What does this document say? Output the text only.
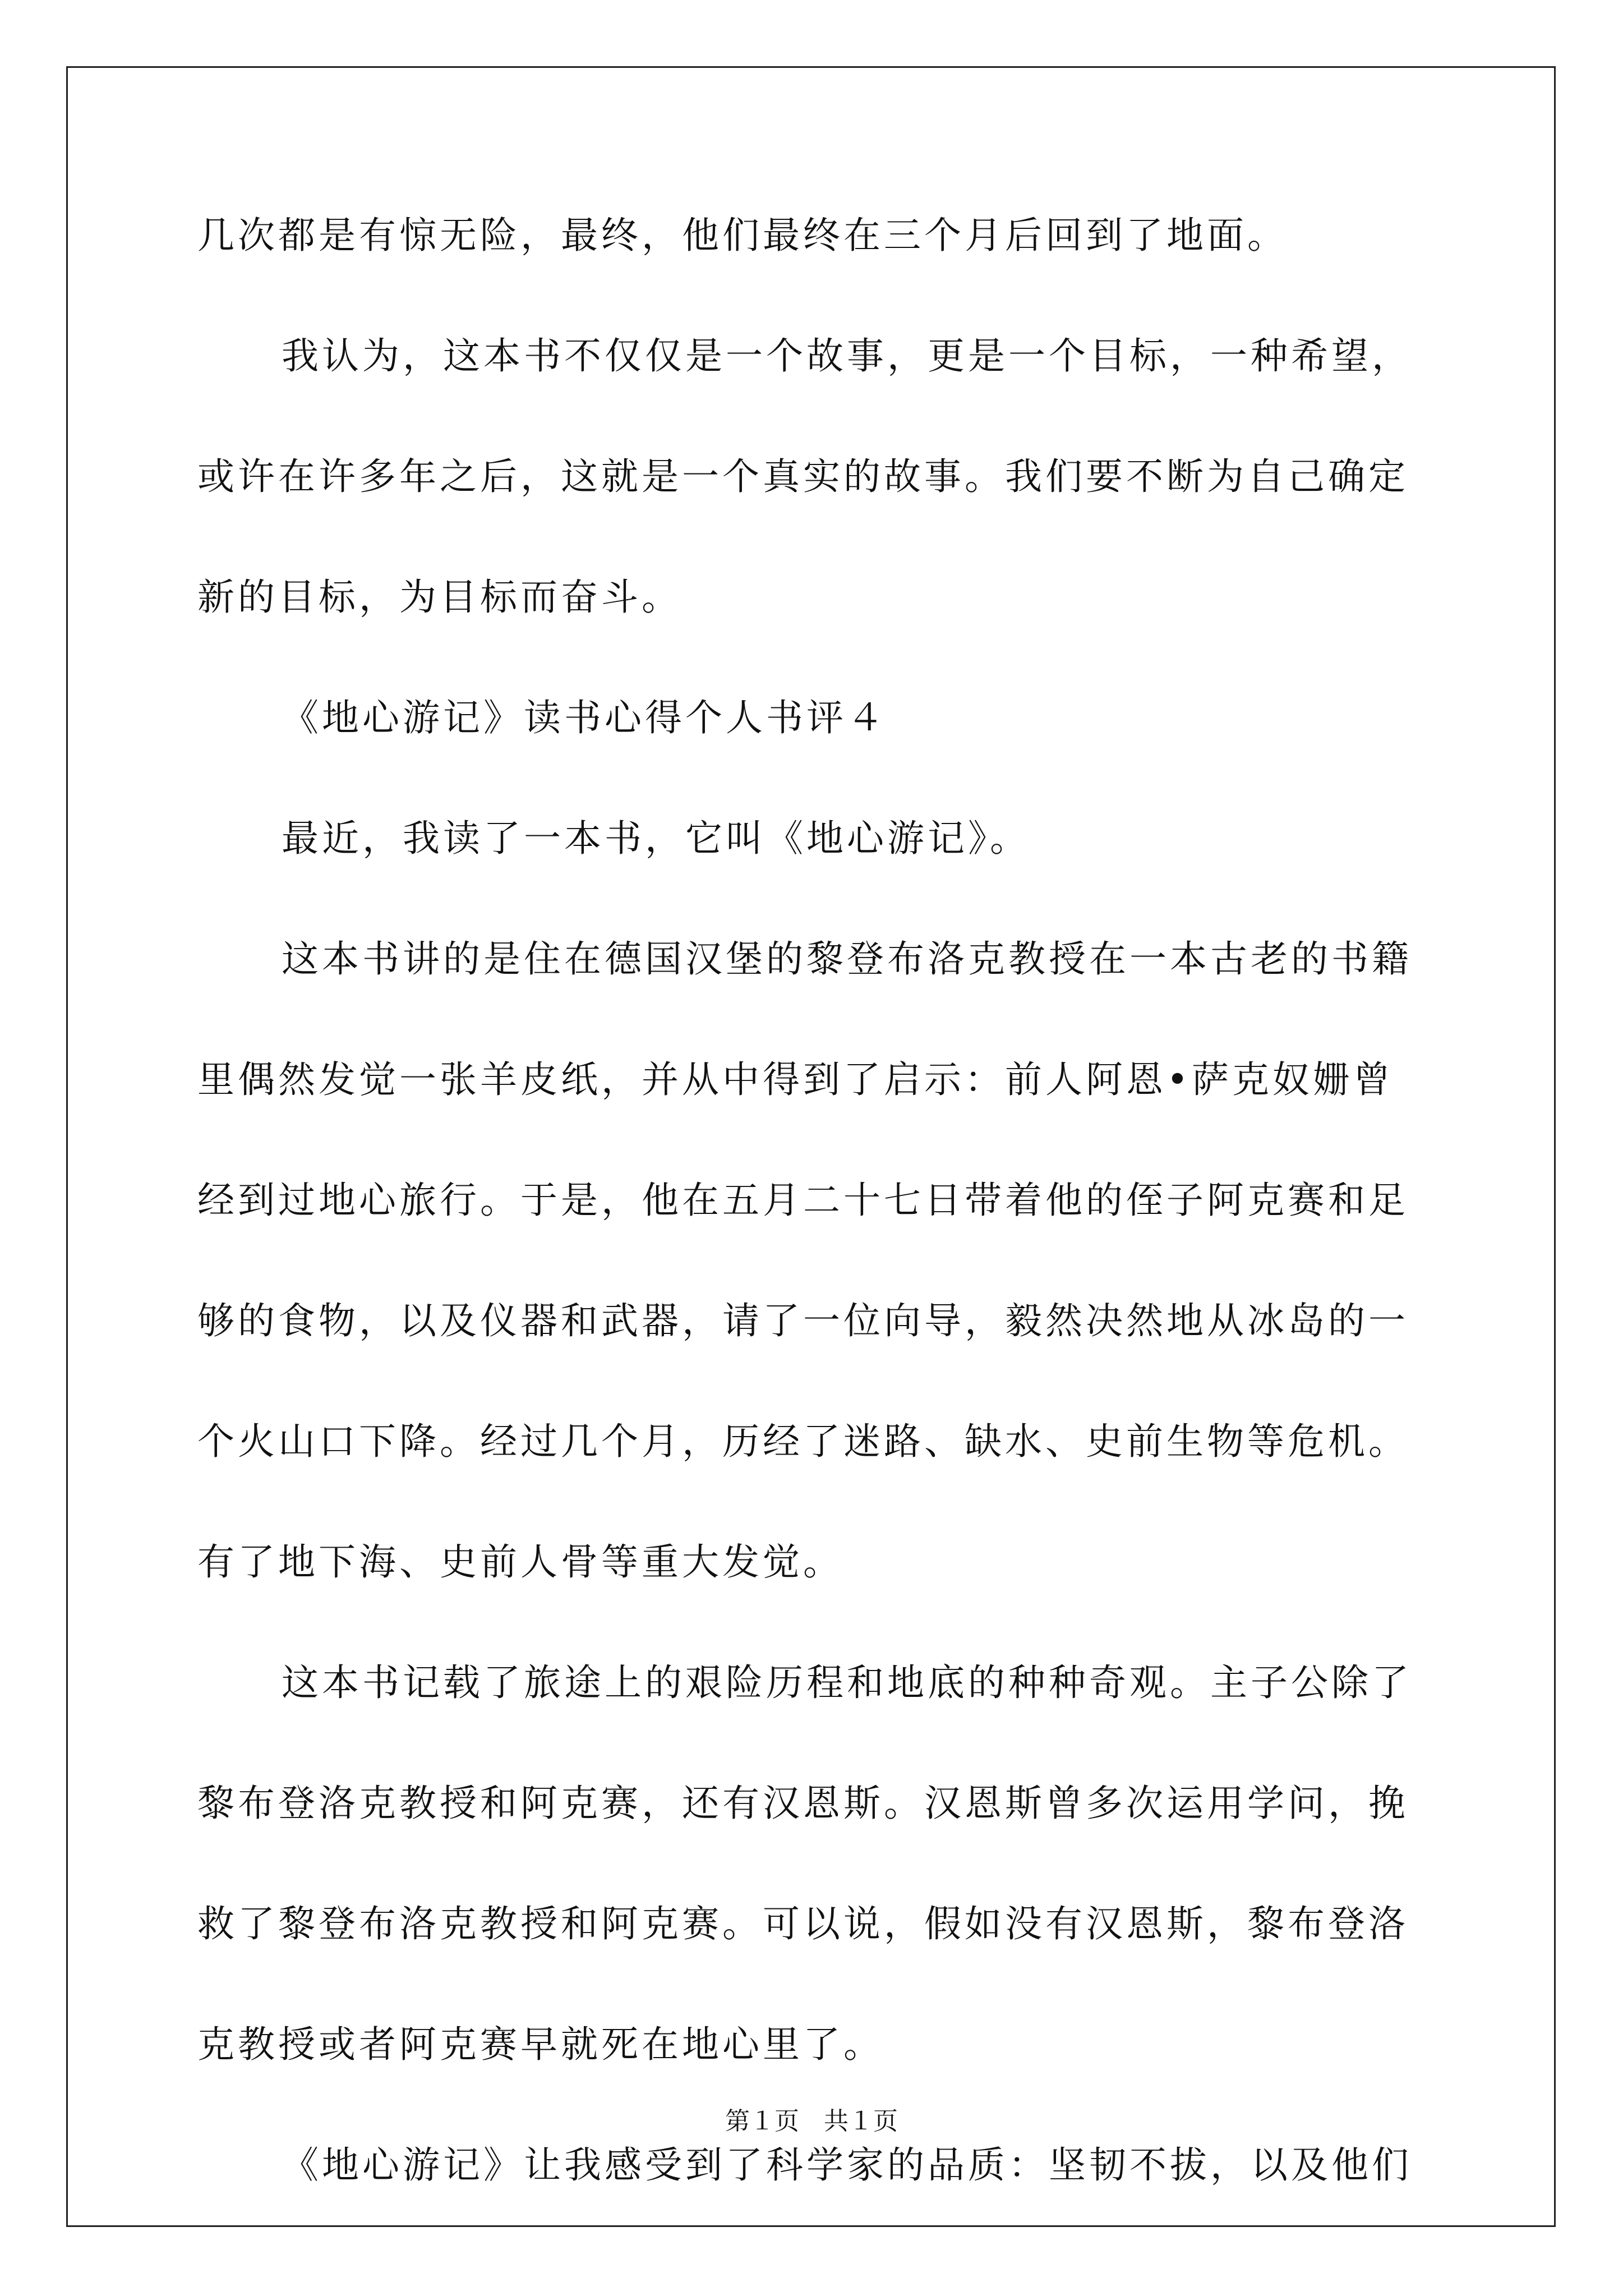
几次都是有惊无险，最终，他们最终在三个月后回到了地面。
我认为，这本书不仅仅是一个故事，更是一个目标，一种希望，
或许在许多年之后，这就是一个真实的故事。我们要不断为自己确定
新的目标，为目标而奋斗。
《地心游记》读书心得个人书评４
最近，我读了一本书，它叫《地心游记》。
这本书讲的是住在德国汉堡的黎登布洛克教授在一本古老的书籍
里偶然发觉一张羊皮纸，并从中得到了启示：前人阿恩•萨克奴姗曾
经到过地心旅行。于是，他在五月二十七日带着他的侄子阿克赛和足
够的食物，以及仪器和武器，请了一位向导，毅然决然地从冰岛的一
个火山口下降。经过几个月，历经了迷路、缺水、史前生物等危机。
有了地下海、史前人骨等重大发觉。
这本书记载了旅途上的艰险历程和地底的种种奇观。主子公除了
黎布登洛克教授和阿克赛，还有汉恩斯。汉恩斯曾多次运用学问，挽
救了黎登布洛克教授和阿克赛。可以说，假如没有汉恩斯，黎布登洛
克教授或者阿克赛早就死在地心里了。
《地心游记》让我感受到了科学家的品质：坚韧不拔，以及他们
第１页　共１页
